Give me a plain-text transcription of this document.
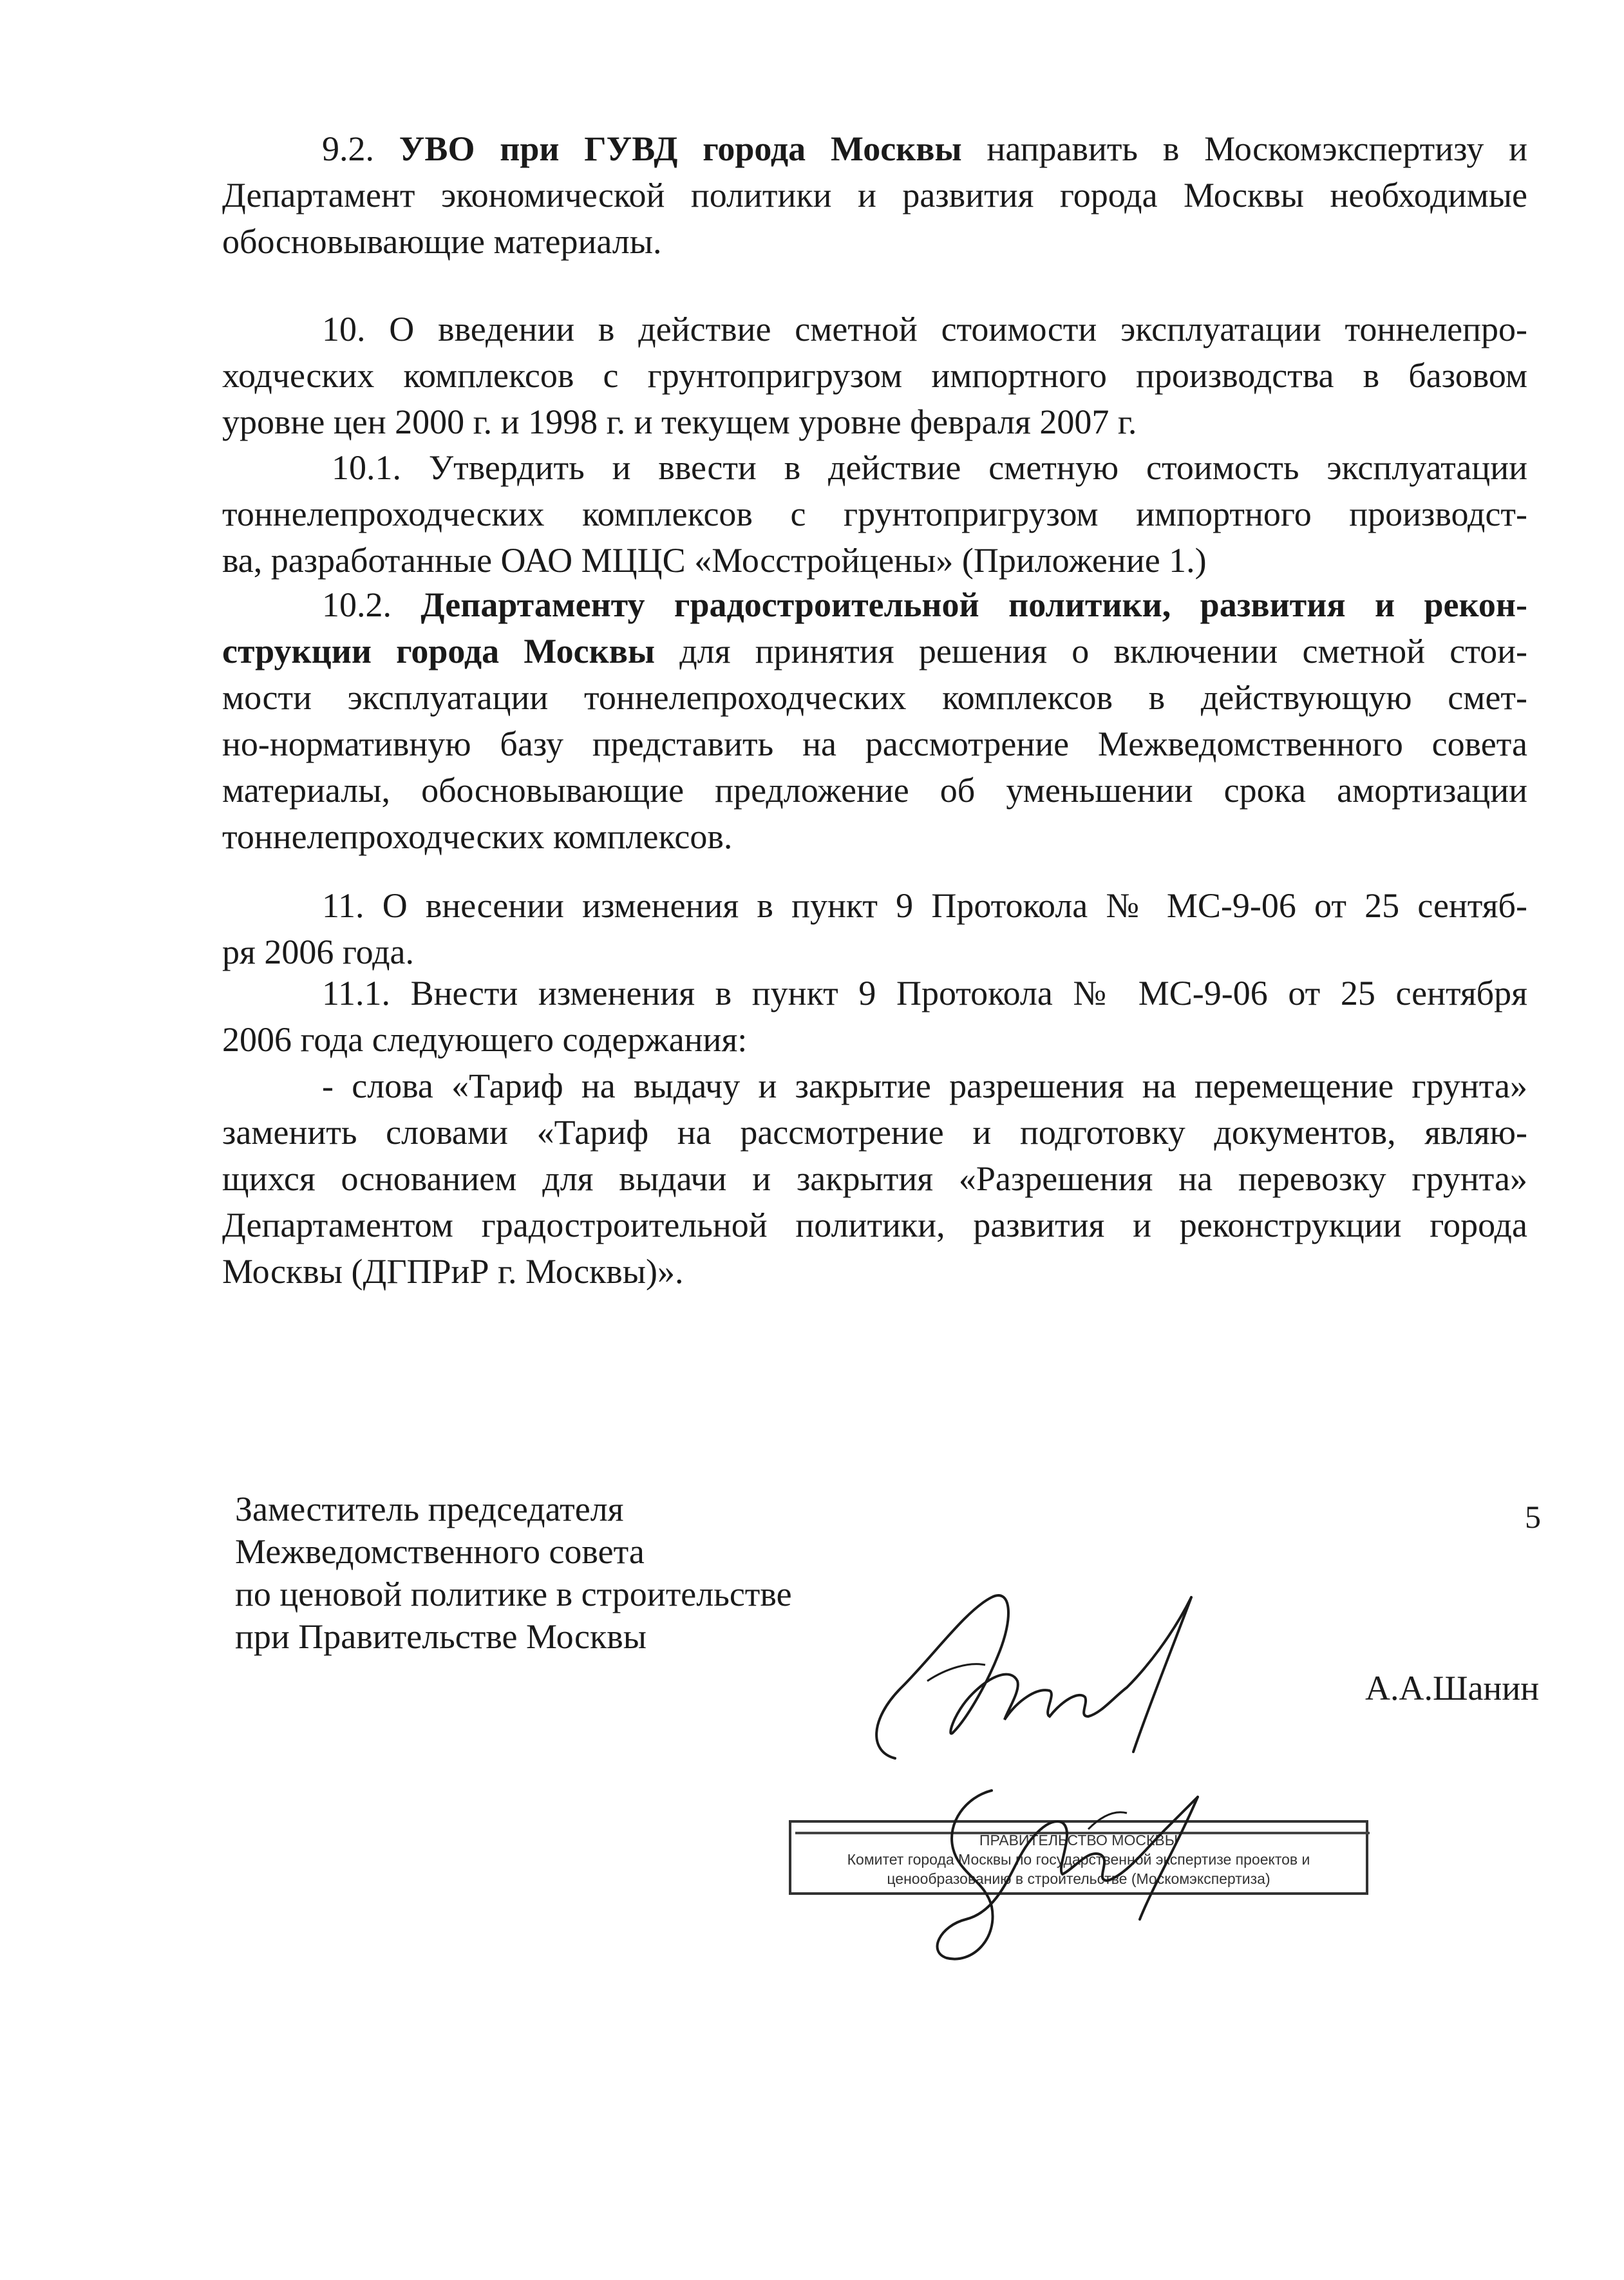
9.2. УВО при ГУВД города Москвы направить в Москомэкспертизу и
Департамент экономической политики и развития города Москвы необходимые
обосновывающие материалы.
10. О введении в действие сметной стоимости эксплуатации тоннелепро-
ходческих комплексов с грунтопригрузом импортного производства в базовом
уровне цен 2000 г. и 1998 г. и текущем уровне февраля 2007 г.
10.1. Утвердить и ввести в действие сметную стоимость эксплуатации
тоннелепроходческих комплексов с грунтопригрузом импортного производст-
ва, разработанные ОАО МЦЦС «Мосстройцены» (Приложение 1.)
10.2. Департаменту градостроительной политики, развития и рекон-
струкции города Москвы для принятия решения о включении сметной стои-
мости эксплуатации тоннелепроходческих комплексов в действующую смет-
но-нормативную базу представить на рассмотрение Межведомственного совета
материалы, обосновывающие предложение об уменьшении срока амортизации
тоннелепроходческих комплексов.
11. О внесении изменения в пункт 9 Протокола № МС-9-06 от 25 сентяб-
ря 2006 года.
11.1. Внести изменения в пункт 9 Протокола № МС-9-06 от 25 сентября
2006 года следующего содержания:
- слова «Тариф на выдачу и закрытие разрешения на перемещение грунта»
заменить словами «Тариф на рассмотрение и подготовку документов, являю-
щихся основанием для выдачи и закрытия «Разрешения на перевозку грунта»
Департаментом градостроительной политики, развития и реконструкции города
Москвы (ДГПРиР г. Москвы)».
Заместитель председателя
Межведомственного совета
по ценовой политике в строительстве
при Правительстве Москвы
А.А.Шанин
ПРАВИТЕЛЬСТВО МОСКВЫ
Комитет города Москвы по государственной экспертизе проектов и
ценообразованию в строительстве (Москомэкспертиза)
5
